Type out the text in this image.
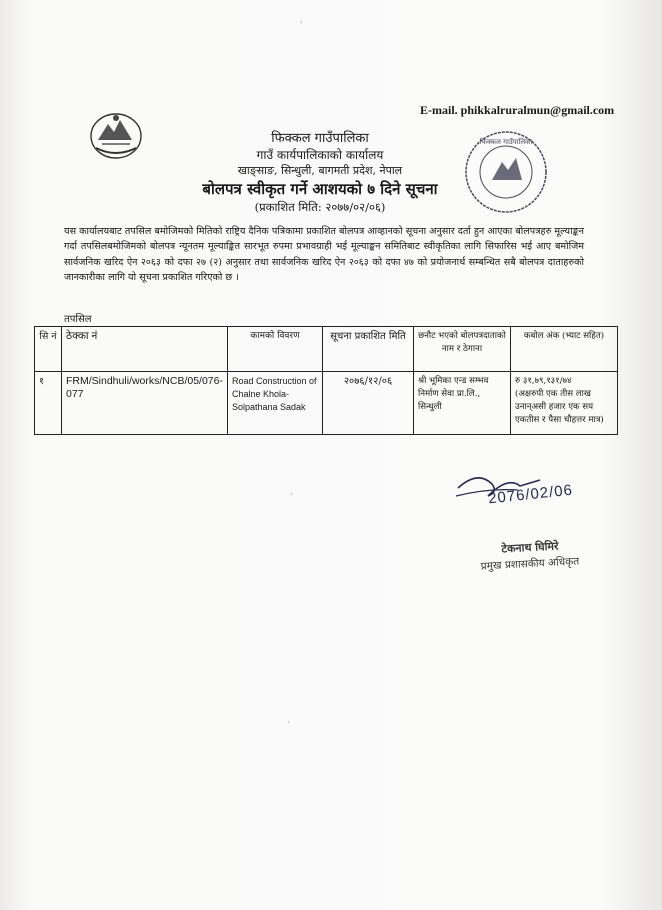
E-mail. phikkalruralmun@gmail.com
फिक्कल गाउँपालिका
फिक्कल गाउँपालिका
गाउँ कार्यपालिकाको कार्यालय
खाङ्साङ, सिन्धुली, बागमती प्रदेश, नेपाल
बोलपत्र स्वीकृत गर्ने आशयको ७ दिने सूचना
(प्रकाशित मिति: २०७७/०२/०६)
यस कार्यालयबाट तपसिल बमोजिमको मितिको राष्ट्रिय दैनिक पत्रिकामा प्रकाशित बोलपत्र आव्हानको सूचना अनुसार दर्ता हुन आएका बोलपत्रहरु मूल्याङ्कन गर्दा तपसिलबमोजिमको बोलपत्र न्यूनतम मूल्याङ्कित सारभूत रुपमा प्रभावग्राही भई मूल्याङ्कन समितिबाट स्वीकृतिका लागि सिफारिस भई आए बमोजिम सार्वजनिक खरिद ऐन २०६३ को दफा २७ (२) अनुसार तथा सार्वजनिक खरिद ऐन २०६३ को दफा ४७ को प्रयोजनार्थ सम्बन्धित सबै बोलपत्र दाताहरुको जानकारीका लागि यो सूचना प्रकाशित गरिएको छ ।
तपसिल
सि नं	ठेक्का नं	कामको विवरण	सूचना प्रकाशित मिति	छनौट भएको बोलपत्रदाताको नाम र ठेगाना	कबोल अंक (भ्याट सहित)
१	FRM/Sindhuli/works/NCB/05/076-077	Road Construction of Chalne Khola-Solpathana Sadak	२०७६/१२/०६	श्री भूमिका एन्ड सम्भव निर्माण सेवा प्रा.लि., सिन्धुली	रु ३१,७९,१३१/७४
(अक्षरुपी एक तीस लाख उनान्असी हजार एक सय एकतीस र पैसा चौहत्तर मात्र)
2076/02/06
टेकनाथ घिमिरे
प्रमुख प्रशासकीय अधिकृत
·
·
·
